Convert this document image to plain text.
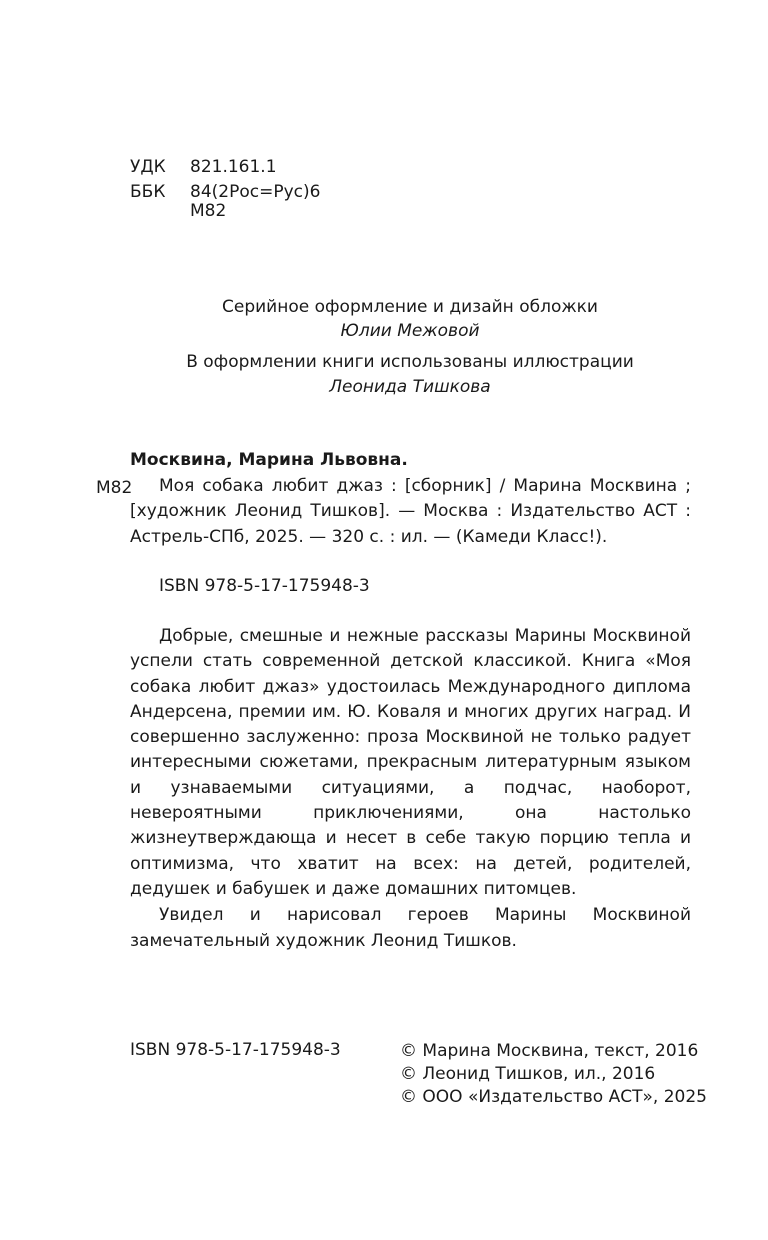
УДК 821.161.1
ББК 84(2Рос=Рус)6
М82
Серийное оформление и дизайн обложки
Юлии Межовой
В оформлении книги использованы иллюстрации
Леонида Тишкова
Москвина, Марина Львовна.
М82	Моя собака любит джаз : [сборник] / Марина Москвина ; [художник Леонид Тишков]. — Москва : Издательство АСТ : Астрель-СПб, 2025. — 320 с. : ил. — (Камеди Класс!).
ISBN 978-5-17-175948-3

Добрые, смешные и нежные рассказы Марины Москвиной успели стать современной детской классикой. Книга «Моя собака любит джаз» удостоилась Международного диплома Андерсена, премии им. Ю. Коваля и многих других наград. И совершенно заслуженно: проза Москвиной не только радует интересными сюжетами, прекрасным литературным языком и узнаваемыми ситуациями, а подчас, наоборот, невероятными приключениями, она настолько жизнеутверждающа и несет в себе такую порцию тепла и оптимизма, что хватит на всех: на детей, родителей, дедушек и бабушек и даже домашних питомцев.

Увидел и нарисовал героев Марины Москвиной замечательный художник Леонид Тишков.

ISBN 978-5-17-175948-3	© Марина Москвина, текст, 2016
© Леонид Тишков, ил., 2016
© ООО «Издательство АСТ», 2025
